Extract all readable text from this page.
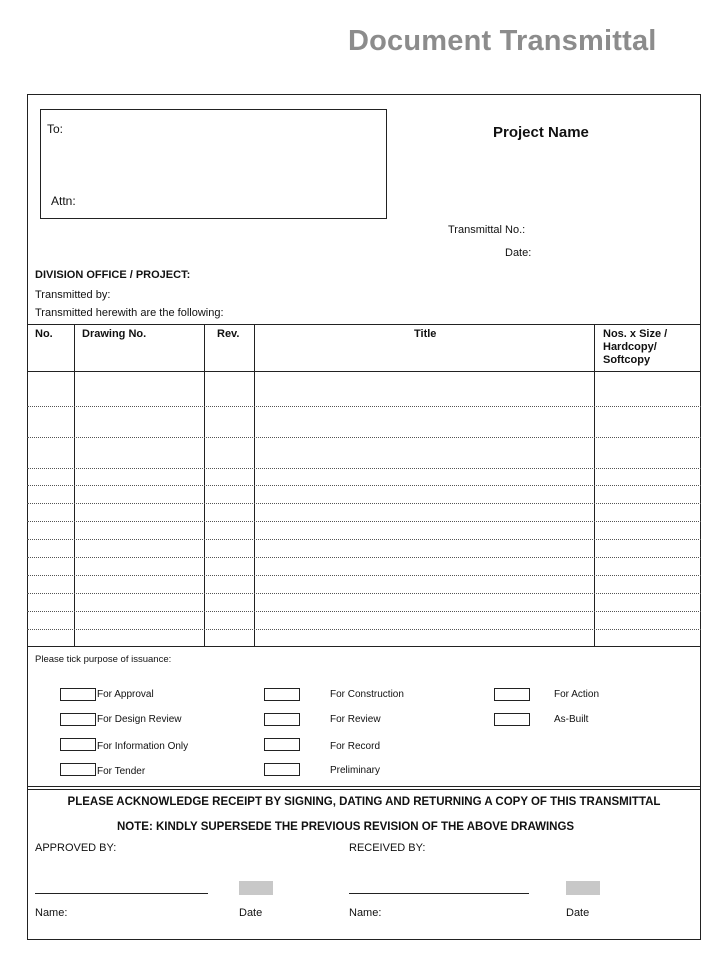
Document Transmittal
To:
Attn:
Project Name
Transmittal No.:
Date:
DIVISION OFFICE / PROJECT:
Transmitted by:
Transmitted herewith are the following:
No.	Drawing No.	Rev.	Title	Nos. x Size /
Hardcopy/
Softcopy
Please tick purpose of issuance:
For Approval
For Design Review
For Information Only
For Tender
For Construction
For Review
For Record
Preliminary
For Action
As-Built
PLEASE ACKNOWLEDGE RECEIPT BY SIGNING, DATING AND RETURNING A COPY OF THIS TRANSMITTAL
NOTE: KINDLY SUPERSEDE THE PREVIOUS REVISION OF THE ABOVE DRAWINGS
APPROVED BY:	RECEIVED BY:
Name:	Date	Name:	Date
